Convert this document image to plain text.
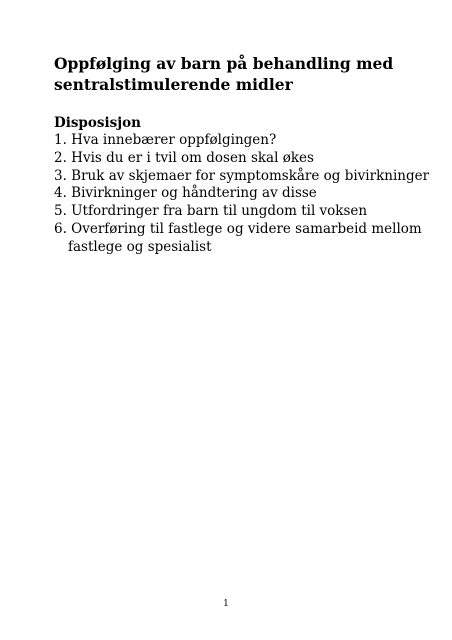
Oppfølging av barn på behandling med
sentralstimulerende midler
Disposisjon
1. Hva innebærer oppfølgingen?
2. Hvis du er i tvil om dosen skal økes
3. Bruk av skjemaer for symptomskåre og bivirkninger
4. Bivirkninger og håndtering av disse
5. Utfordringer fra barn til ungdom til voksen
6. Overføring til fastlege og videre samarbeid mellom fastlege og spesialist
1
